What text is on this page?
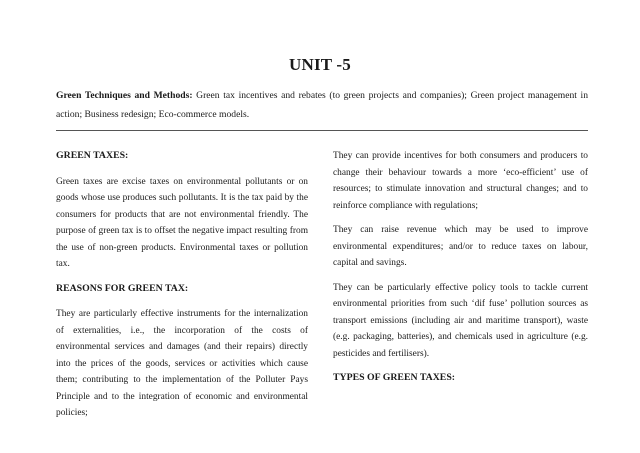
UNIT -5
Green Techniques and Methods: Green tax incentives and rebates (to green projects and companies); Green project management in action; Business redesign; Eco-commerce models.
GREEN TAXES:
Green taxes are excise taxes on environmental pollutants or on goods whose use produces such pollutants. It is the tax paid by the consumers for products that are not environmental friendly. The purpose of green tax is to offset the negative impact resulting from the use of non-green products. Environmental taxes or pollution tax.
REASONS FOR GREEN TAX:
They are particularly effective instruments for the internalization of externalities, i.e., the incorporation of the costs of environmental services and damages (and their repairs) directly into the prices of the goods, services or activities which cause them; contributing to the implementation of the Polluter Pays Principle and to the integration of economic and environmental policies;
They can provide incentives for both consumers and producers to change their behaviour towards a more ‘eco-efficient’ use of resources; to stimulate innovation and structural changes; and to reinforce compliance with regulations;
They can raise revenue which may be used to improve environmental expenditures; and/or to reduce taxes on labour, capital and savings.
They can be particularly effective policy tools to tackle current environmental priorities from such ‘dif fuse’ pollution sources as transport emissions (including air and maritime transport), waste (e.g. packaging, batteries), and chemicals used in agriculture (e.g. pesticides and fertilisers).
TYPES OF GREEN TAXES:
